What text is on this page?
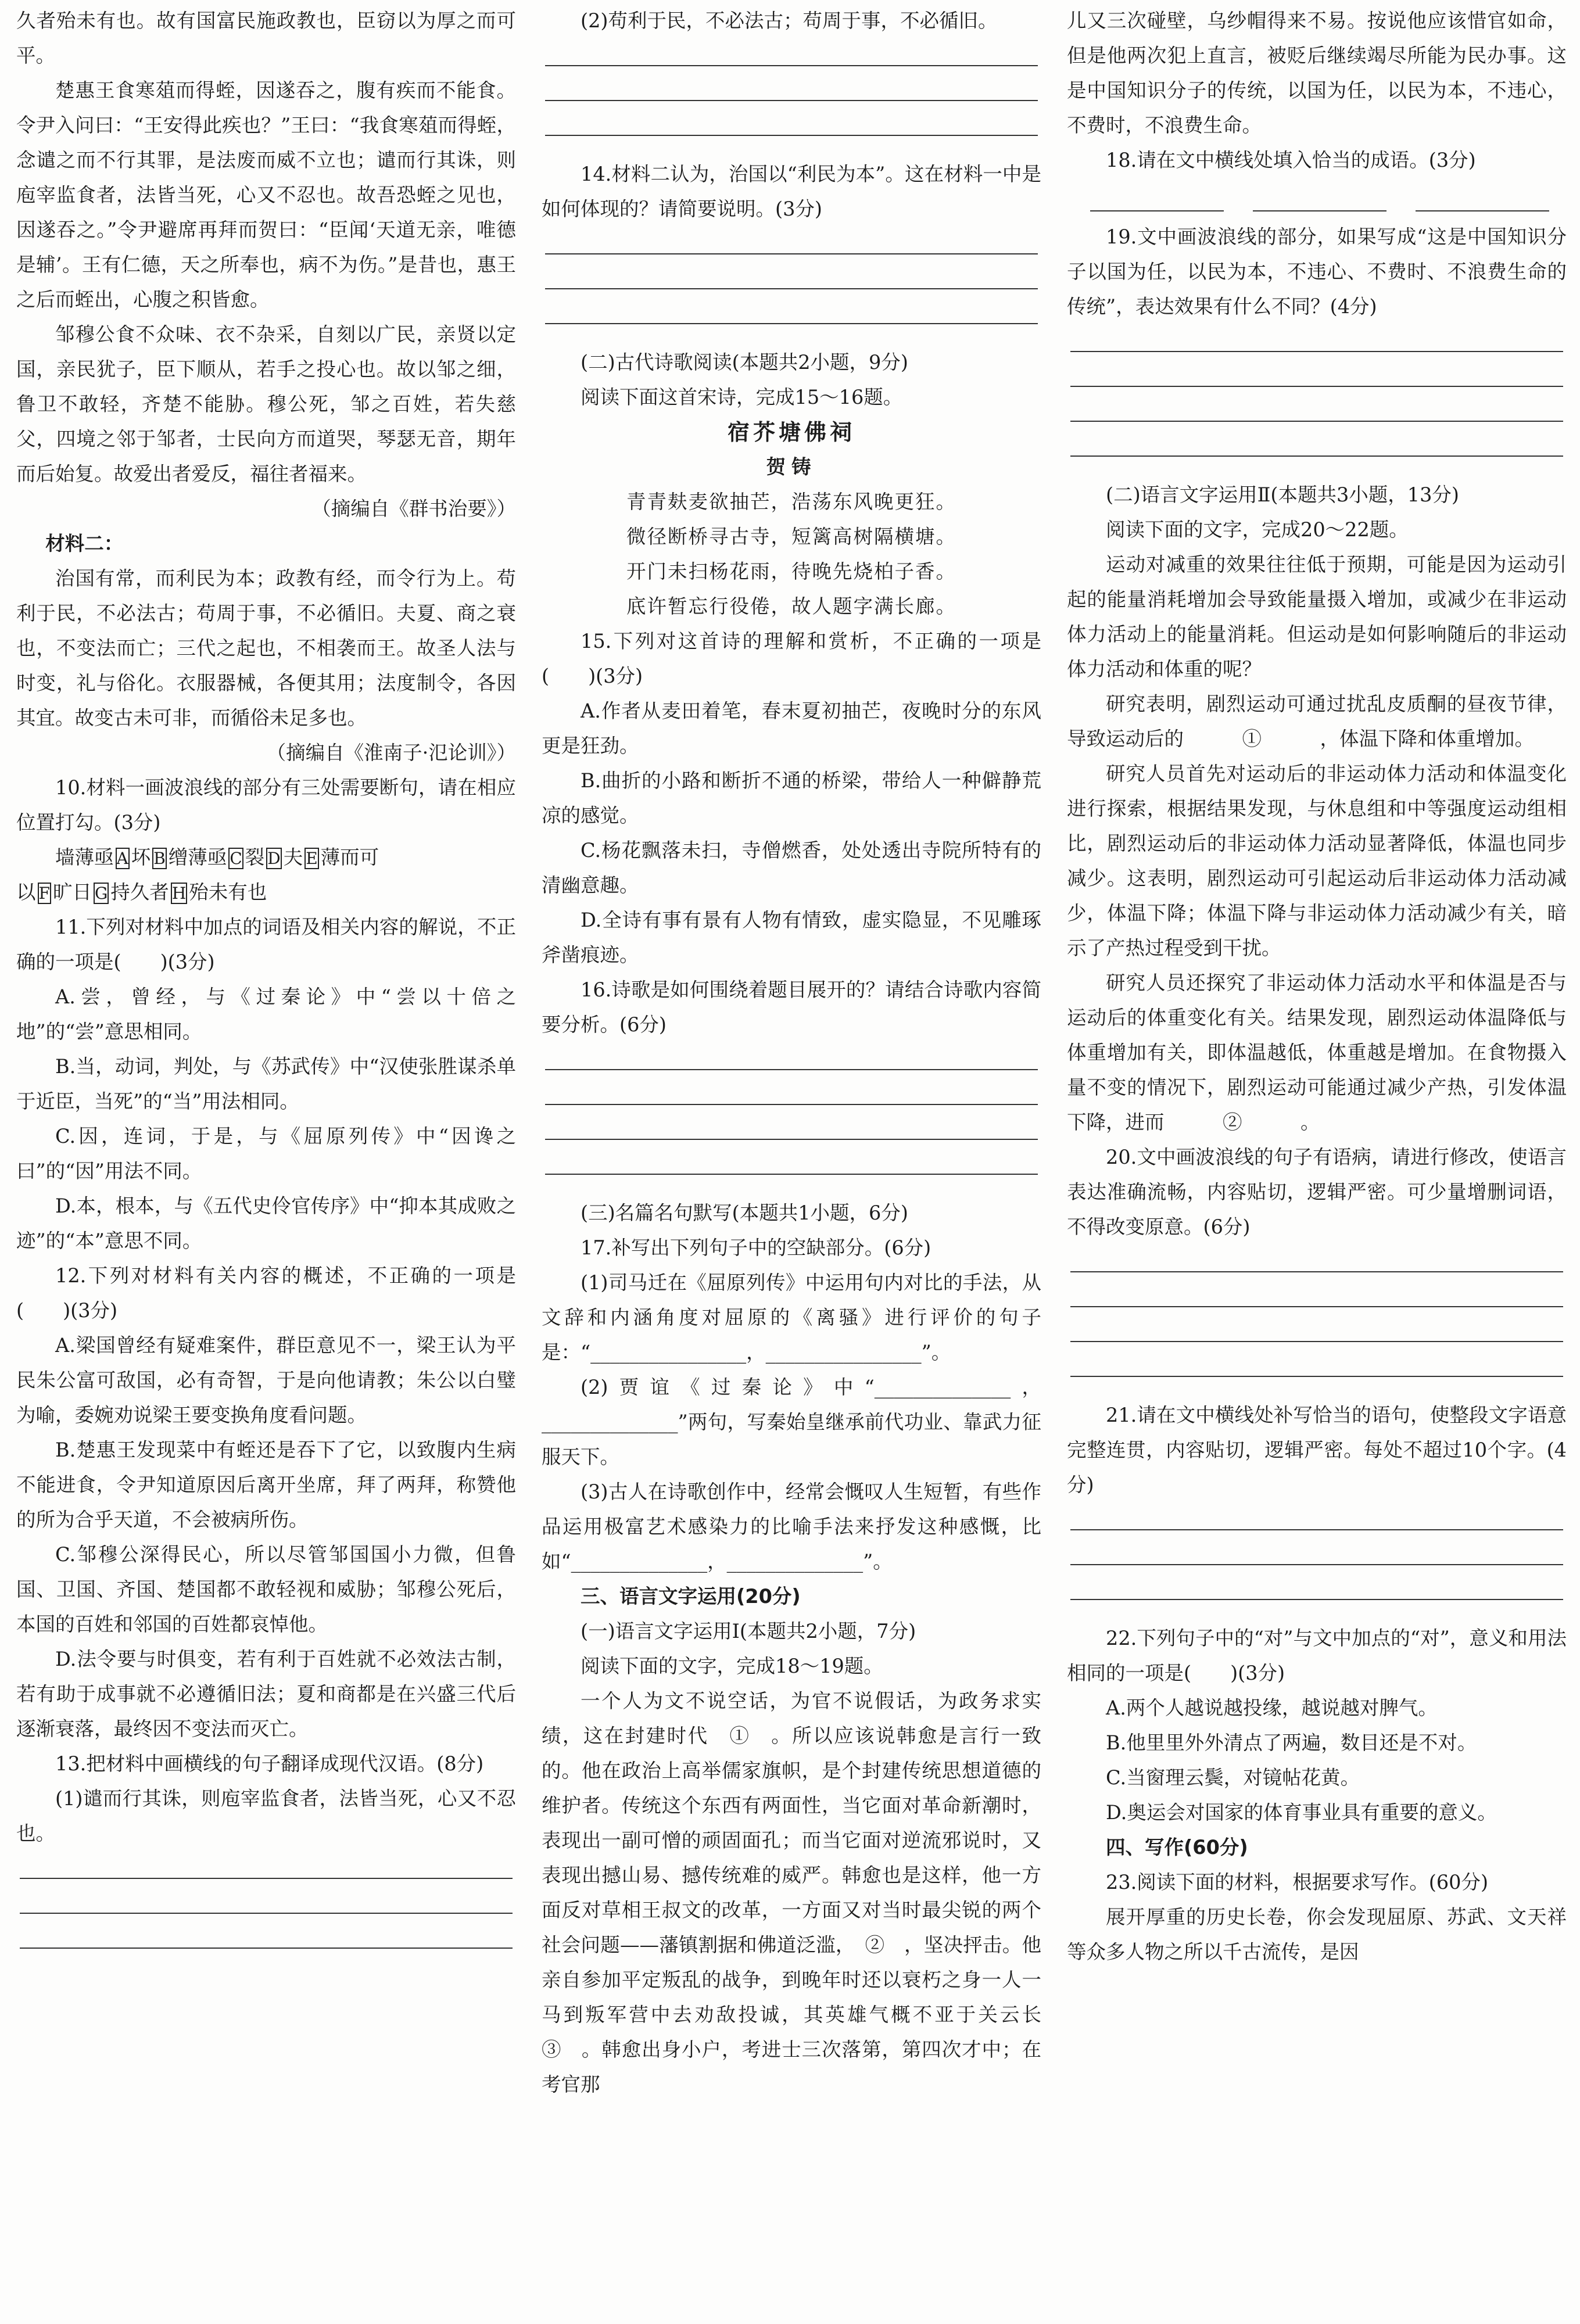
久者殆未有也。故有国富民施政教也，臣窃以为厚之而可平。

楚惠王食寒葅而得蛭，因遂吞之，腹有疾而不能食。令尹入问曰：“王安得此疾也？”王曰：“我食寒葅而得蛭，念谴之而不行其罪，是法废而威不立也；谴而行其诛，则庖宰监食者，法皆当死，心又不忍也。故吾恐蛭之见也，因遂吞之。”令尹避席再拜而贺曰：“臣闻‘天道无亲，唯德是辅’。王有仁德，天之所奉也，病不为伤。”是昔也，惠王之后而蛭出，心腹之积皆愈。

邹穆公食不众味、衣不杂采，自刻以广民，亲贤以定国，亲民犹子，臣下顺从，若手之投心也。故以邹之细，鲁卫不敢轻，齐楚不能胁。穆公死，邹之百姓，若失慈父，四境之邻于邹者，士民向方而道哭，琴瑟无音，期年而后始复。故爱出者爱反，福往者福来。

（摘编自《群书治要》）

材料二：

治国有常，而利民为本；政教有经，而令行为上。苟利于民，不必法古；苟周于事，不必循旧。夫夏、商之衰也，不变法而亡；三代之起也，不相袭而王。故圣人法与时变，礼与俗化。衣服器械，各便其用；法度制令，各因其宜。故变古未可非，而循俗未足多也。

（摘编自《淮南子·氾论训》）

10.材料一画波浪线的部分有三处需要断句，请在相应位置打勾。(3分)

墙薄亟 A 坏 B 缯薄亟 C 裂 D 夫 E 薄而可

以 F 旷日 G 持久者 H 殆未有也

11.下列对材料中加点的词语及相关内容的解说，不正确的一项是(　　)(3分)

A.尝，曾经，与《过秦论》中“尝以十倍之地”的“尝”意思相同。

B.当，动词，判处，与《苏武传》中“汉使张胜谋杀单于近臣，当死”的“当”用法相同。

C.因，连词，于是，与《屈原列传》中“因谗之曰”的“因”用法不同。

D.本，根本，与《五代史伶官传序》中“抑本其成败之迹”的“本”意思不同。

12.下列对材料有关内容的概述，不正确的一项是(　　)(3分)

A.梁国曾经有疑难案件，群臣意见不一，梁王认为平民朱公富可敌国，必有奇智，于是向他请教；朱公以白璧为喻，委婉劝说梁王要变换角度看问题。

B.楚惠王发现菜中有蛭还是吞下了它，以致腹内生病不能进食，令尹知道原因后离开坐席，拜了两拜，称赞他的所为合乎天道，不会被病所伤。

C.邹穆公深得民心，所以尽管邹国国小力微，但鲁国、卫国、齐国、楚国都不敢轻视和威胁；邹穆公死后，本国的百姓和邻国的百姓都哀悼他。

D.法令要与时俱变，若有利于百姓就不必效法古制，若有助于成事就不必遵循旧法；夏和商都是在兴盛三代后逐渐衰落，最终因不变法而灭亡。

13.把材料中画横线的句子翻译成现代汉语。(8分)

(1)谴而行其诛，则庖宰监食者，法皆当死，心又不忍也。

(2)苟利于民，不必法古；苟周于事，不必循旧。

14.材料二认为，治国以“利民为本”。这在材料一中是如何体现的？请简要说明。(3分)

(二)古代诗歌阅读(本题共2小题，9分)

阅读下面这首宋诗，完成15～16题。

宿芥塘佛祠

贺铸

青青麸麦欲抽芒，浩荡东风晚更狂。

微径断桥寻古寺，短篱高树隔横塘。

开门未扫杨花雨，待晚先烧柏子香。

底许暂忘行役倦，故人题字满长廊。

15.下列对这首诗的理解和赏析，不正确的一项是(　　)(3分)

A.作者从麦田着笔，春末夏初抽芒，夜晚时分的东风更是狂劲。

B.曲折的小路和断折不通的桥梁，带给人一种僻静荒凉的感觉。

C.杨花飘落未扫，寺僧燃香，处处透出寺院所特有的清幽意趣。

D.全诗有事有景有人物有情致，虚实隐显，不见雕琢斧凿痕迹。

16.诗歌是如何围绕着题目展开的？请结合诗歌内容简要分析。(6分)

(三)名篇名句默写(本题共1小题，6分)

17.补写出下列句子中的空缺部分。(6分)

(1)司马迁在《屈原列传》中运用句内对比的手法，从文辞和内涵角度对屈原的《离骚》进行评价的句子是：“________________，________________”。

(2)贾谊《过秦论》中“______________，______________”两句，写秦始皇继承前代功业、靠武力征服天下。

(3)古人在诗歌创作中，经常会慨叹人生短暂，有些作品运用极富艺术感染力的比喻手法来抒发这种感慨，比如“______________，______________”。

三、语言文字运用(20分)

(一)语言文字运用Ⅰ(本题共2小题，7分)

阅读下面的文字，完成18～19题。

一个人为文不说空话，为官不说假话，为政务求实绩，这在封建时代　①　。所以应该说韩愈是言行一致的。他在政治上高举儒家旗帜，是个封建传统思想道德的维护者。传统这个东西有两面性，当它面对革命新潮时，表现出一副可憎的顽固面孔；而当它面对逆流邪说时，又表现出撼山易、撼传统难的威严。韩愈也是这样，他一方面反对草相王叔文的改革，一方面又对当时最尖锐的两个社会问题——藩镇割据和佛道泛滥，　②　，坚决抨击。他亲自参加平定叛乱的战争，到晚年时还以衰朽之身一人一马到叛军营中去劝敌投诚，其英雄气概不亚于关云长　③　。韩愈出身小户，考进士三次落第，第四次才中；在考官那

儿又三次碰壁，乌纱帽得来不易。按说他应该惜官如命，但是他两次犯上直言，被贬后继续竭尽所能为民办事。这是中国知识分子的传统，以国为任，以民为本，不违心，不费时，不浪费生命。

18.请在文中横线处填入恰当的成语。(3分)

19.文中画波浪线的部分，如果写成“这是中国知识分子以国为任，以民为本，不违心、不费时、不浪费生命的传统”，表达效果有什么不同？(4分)

(二)语言文字运用Ⅱ(本题共3小题，13分)

阅读下面的文字，完成20～22题。

运动对减重的效果往往低于预期，可能是因为运动引起的能量消耗增加会导致能量摄入增加，或减少在非运动体力活动上的能量消耗。但运动是如何影响随后的非运动体力活动和体重的呢？

研究表明，剧烈运动可通过扰乱皮质酮的昼夜节律，导致运动后的　　　①　　　，体温下降和体重增加。

研究人员首先对运动后的非运动体力活动和体温变化进行探索，根据结果发现，与休息组和中等强度运动组相比，剧烈运动后的非运动体力活动显著降低，体温也同步减少。这表明，剧烈运动可引起运动后非运动体力活动减少，体温下降；体温下降与非运动体力活动减少有关，暗示了产热过程受到干扰。

研究人员还探究了非运动体力活动水平和体温是否与运动后的体重变化有关。结果发现，剧烈运动体温降低与体重增加有关，即体温越低，体重越是增加。在食物摄入量不变的情况下，剧烈运动可能通过减少产热，引发体温下降，进而　　　②　　　。

20.文中画波浪线的句子有语病，请进行修改，使语言表达准确流畅，内容贴切，逻辑严密。可少量增删词语，不得改变原意。(6分)

21.请在文中横线处补写恰当的语句，使整段文字语意完整连贯，内容贴切，逻辑严密。每处不超过10个字。(4分)

22.下列句子中的“对”与文中加点的“对”，意义和用法相同的一项是(　　)(3分)

A.两个人越说越投缘，越说越对脾气。

B.他里里外外清点了两遍，数目还是不对。

C.当窗理云鬓，对镜帖花黄。

D.奥运会对国家的体育事业具有重要的意义。

四、写作(60分)

23.阅读下面的材料，根据要求写作。(60分)

展开厚重的历史长卷，你会发现屈原、苏武、文天祥等众多人物之所以千古流传，是因
